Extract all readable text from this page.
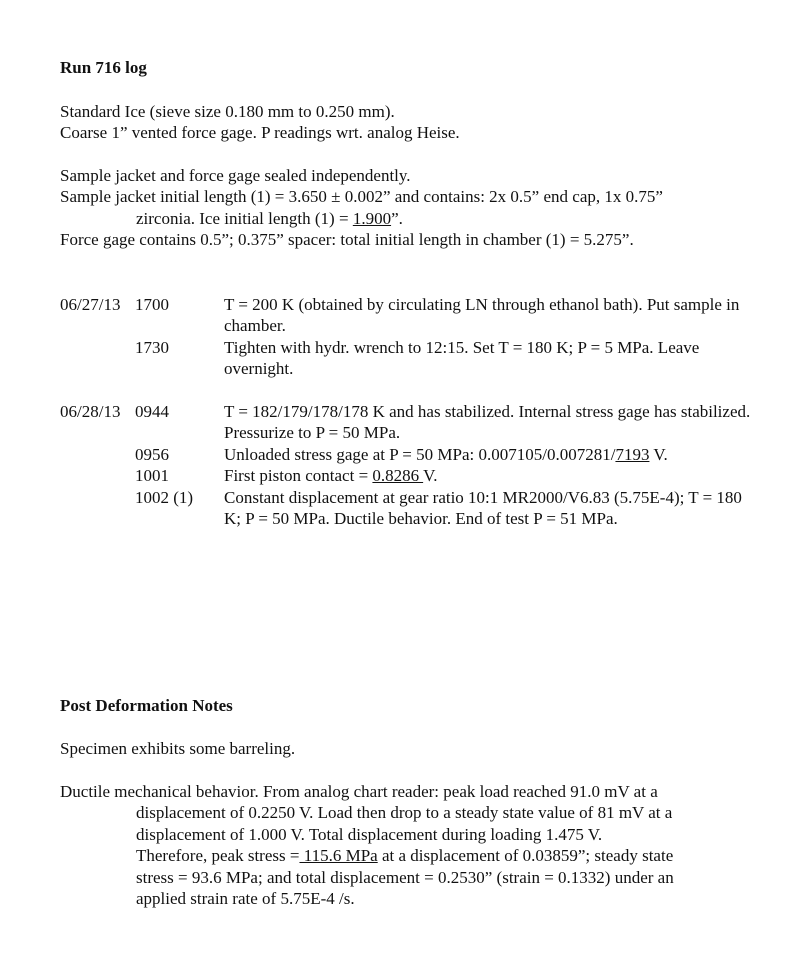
Run 716 log

Standard Ice (sieve size 0.180 mm to 0.250 mm).

Coarse 1” vented force gage. P readings wrt. analog Heise.

Sample jacket and force gage sealed independently.

Sample jacket initial length (1) = 3.650 ± 0.002” and contains: 2x 0.5” end cap, 1x 0.75”

zirconia. Ice initial length (1) = 1.900”.

Force gage contains 0.5”; 0.375” spacer: total initial length in chamber (1) = 5.275”.

06/27/13 1700	T = 200 K (obtained by circulating LN through ethanol bath). Put sample in chamber.
1730	Tighten with hydr. wrench to 12:15. Set T = 180 K; P = 5 MPa. Leave overnight.
06/28/13 0944	T = 182/179/178/178 K and has stabilized. Internal stress gage has stabilized. Pressurize to P = 50 MPa.
0956	Unloaded stress gage at P = 50 MPa: 0.007105/0.007281/7193 V.
1001	First piston contact = 0.8286 V.
1002 (1)	Constant displacement at gear ratio 10:1 MR2000/V6.83 (5.75E-4); T = 180 K; P = 50 MPa. Ductile behavior. End of test P = 51 MPa.

Post Deformation Notes

Specimen exhibits some barreling.

Ductile mechanical behavior. From analog chart reader: peak load reached 91.0 mV at a

displacement of 0.2250 V. Load then drop to a steady state value of 81 mV at a

displacement of 1.000 V. Total displacement during loading 1.475 V.

Therefore, peak stress = 115.6 MPa at a displacement of 0.03859”; steady state

stress = 93.6 MPa; and total displacement = 0.2530” (strain = 0.1332) under an

applied strain rate of 5.75E-4 /s.
